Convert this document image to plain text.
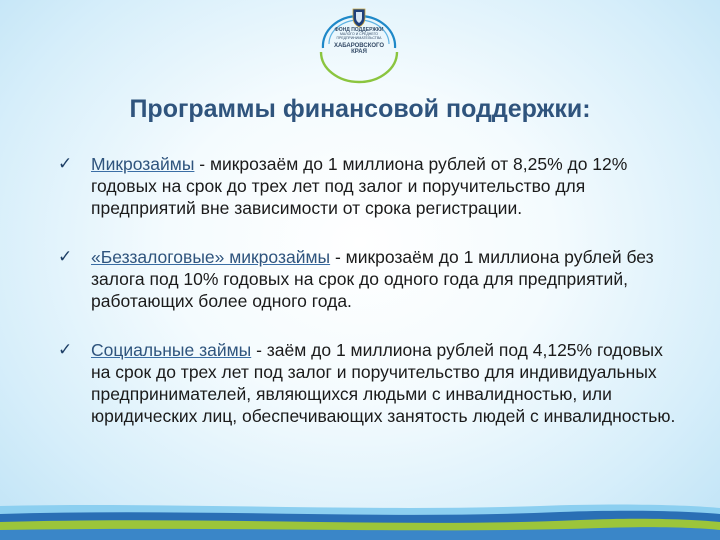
ФОНД ПОДДЕРЖКИ
МАЛОГО И СРЕДНЕГО ПРЕДПРИНИМАТЕЛЬСТВА
ХАБАРОВСКОГО
КРАЯ
Программы финансовой поддержки:
✓ Микрозаймы - микрозаём до 1 миллиона рублей от 8,25% до 12% годовых на срок до трех лет под залог и поручительство для предприятий вне зависимости от срока регистрации.
✓ «Беззалоговые» микрозаймы - микрозаём до 1 миллиона рублей без залога под 10% годовых на срок до одного года для предприятий, работающих более одного года.
✓ Социальные займы - заём до 1 миллиона рублей под 4,125% годовых на срок до трех лет под залог и поручительство для индивидуальных предпринимателей, являющихся людьми с инвалидностью, или юридических лиц, обеспечивающих занятость людей с инвалидностью.
